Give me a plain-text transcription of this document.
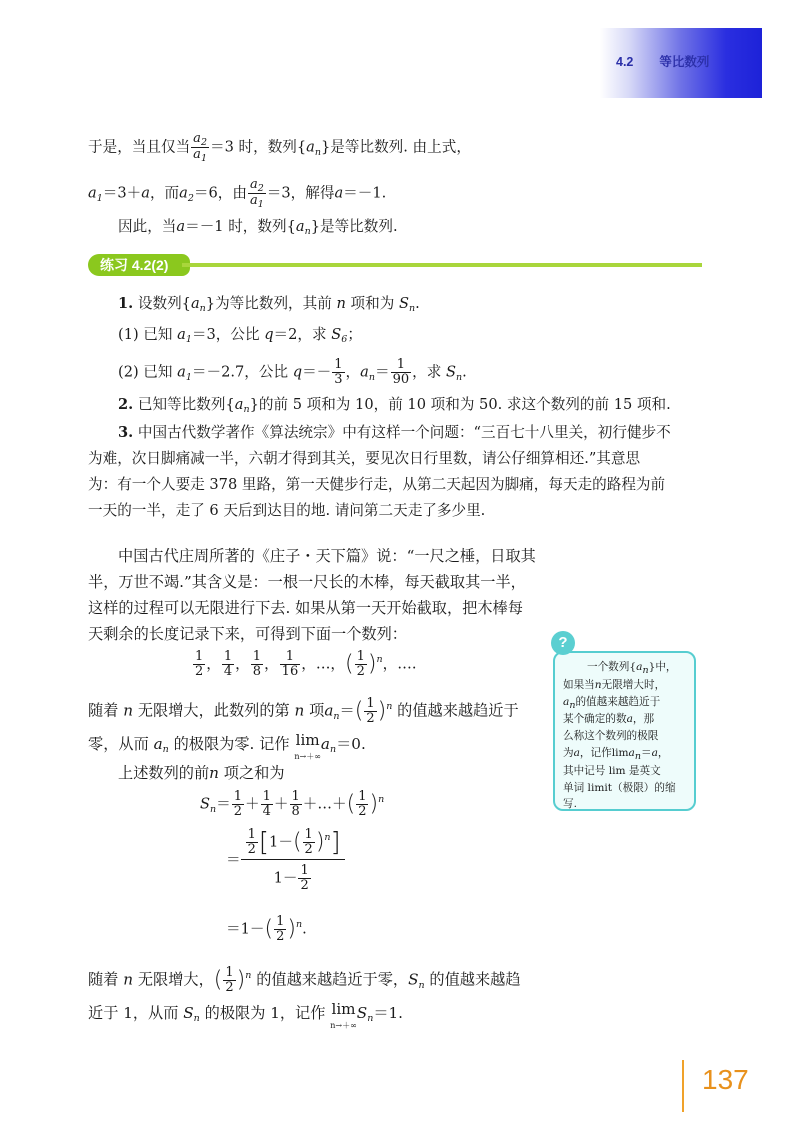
4.2 等比数列
于是，当且仅当 $\frac{a_2}{a_1} =3$ 时，数列$\{a_n\}$是等比数列. 由上式，
$a_1=3+a$，而$a_2=6$，由 $\frac{a_2}{a_1} =3$，解得a＝－1.
因此，当a＝－1 时，数列$\{a_n\}$是等比数列.
练习 4.2(2)
1. 设数列$\{a_n\}$为等比数列，其前 n 项和为 $S_n$.
(1) 已知 $a_1=3$，公比 q＝2，求 $S_6$；
(2) 已知 $a_1=-2.7$，公比 $q=- \frac{1}{3}$ ，$a_n= \frac{1}{90}$ ，求 $S_n$.
2. 已知等比数列$\{a_n\}$的前 5 项和为 10，前 10 项和为 50. 求这个数列的前 15 项和.
3. 中国古代数学著作《算法统宗》中有这样一个问题：“三百七十八里关，初行健步不
为难，次日脚痛减一半，六朝才得到其关，要见次日行里数，请公仔细算相还.”其意思
为：有一个人要走 378 里路，第一天健步行走，从第二天起因为脚痛，每天走的路程为前
一天的一半，走了 6 天后到达目的地. 请问第二天走了多少里.
中国古代庄周所著的《庄子・天下篇》说：“一尺之棰，日取其
半，万世不竭.”其含义是：一根一尺长的木棒，每天截取其一半，
这样的过程可以无限进行下去. 如果从第一天开始截取，把木棒每
天剩余的长度记录下来，可得到下面一个数列：
$\frac{1}{2}$ ， $\frac{1}{4}$ ， $\frac{1}{8}$ ， $\frac{1}{16}$ ，…，( $\frac{1}{2} )^n$，….
随着 n 无限增大，此数列的第 n 项$an=( \frac{1}{2} )^n$ 的值越来越趋近于
零，从而 an 的极限为零. 记作 lim
n→＋∞an＝0.
上述数列的前n 项之和为
$S_n= \frac{1}{2} + \frac{1}{4} + \frac{1}{8}$ ＋…＋( $\frac{1}{2} )^n$
＝ $\frac{\frac{1}{2} [1-( \frac{1}{2} )^n]}{1- \frac{1}{2}}$
$=1-( \frac{1}{2} )^n$.
随着 n 无限增大，( $\frac{1}{2} )^n$ 的值越来越趋近于零，Sn 的值越来越趋
近于 1，从而 Sn 的极限为 1，记作 lim
n→＋∞Sn＝1.
一个数列{an}中，
如果当n无限增大时，
an的值越来越趋近于
某个确定的数a，那
么称这个数列的极限
为a，记作liman＝a，
其中记号 lim 是英文
单词 limit（极限）的缩
写.
?
137
